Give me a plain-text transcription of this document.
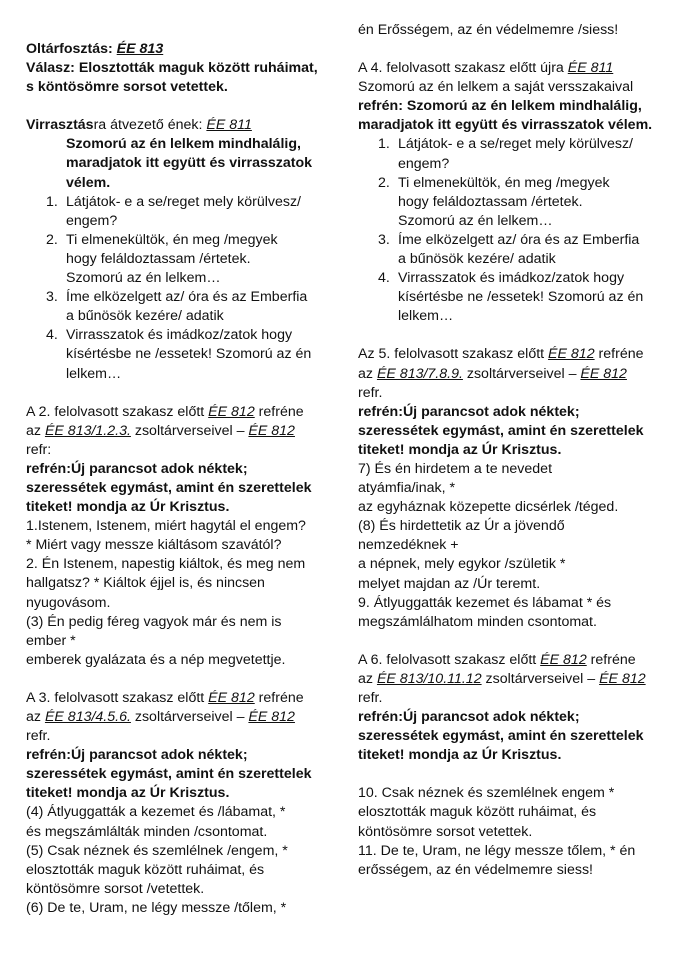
Oltárfosztás: ÉE 813

Válasz: Elosztották maguk között ruháimat,

s köntösömre sorsot vetettek.

Virrasztásra átvezető ének: ÉE 811

Szomorú az én lelkem mindhalálig,
maradjatok itt együtt és virrasszatok
vélem.
1. Látjátok- e a se/reget mely körülvesz/
engem?
2. Ti elmenekültök, én meg /megyek
hogy feláldoztassam /értetek.
Szomorú az én lelkem…
3. Íme elközelgett az/ óra és az Emberfia
a bűnösök kezére/ adatik
4. Virrasszatok és imádkoz/zatok hogy
kísértésbe ne /essetek! Szomorú az én
lelkem…

A 2. felolvasott szakasz előtt ÉE 812 refréne

az ÉE 813/1.2.3. zsoltárverseivel – ÉE 812

refr:

refrén:Új parancsot adok néktek;
szeressétek egymást, amint én szerettelek
titeket! mondja az Úr Krisztus.
1.Istenem, Istenem, miért hagytál el engem?
* Miért vagy messze kiáltásom szavától?
2. Én Istenem, napestig kiáltok, és meg nem
hallgatsz? * Kiáltok éjjel is, és nincsen
nyugovásom.
(3) Én pedig féreg vagyok már és nem is
ember *
emberek gyalázata és a nép megvetettje.

A 3. felolvasott szakasz előtt ÉE 812 refréne

az ÉE 813/4.5.6. zsoltárverseivel – ÉE 812

refr.

refrén:Új parancsot adok néktek;
szeressétek egymást, amint én szerettelek
titeket! mondja az Úr Krisztus.
(4) Átlyuggatták a kezemet és /lábamat, *
és megszámlálták minden /csontomat.
(5) Csak néznek és szemlélnek /engem, *
elosztották maguk között ruháimat, és
köntösömre sorsot /vetettek.
(6) De te, Uram, ne légy messze /tőlem, *

én Erősségem, az én védelmemre /siess!

A 4. felolvasott szakasz előtt újra ÉE 811

Szomorú az én lelkem a saját versszakaival

refrén: Szomorú az én lelkem mindhalálig,
maradjatok itt együtt és virrasszatok vélem.
1. Látjátok- e a se/reget mely körülvesz/
engem?
2. Ti elmenekültök, én meg /megyek
hogy feláldoztassam /értetek.
Szomorú az én lelkem…
3. Íme elközelgett az/ óra és az Emberfia
a bűnösök kezére/ adatik
4. Virrasszatok és imádkoz/zatok hogy
kísértésbe ne /essetek! Szomorú az én
lelkem…

Az 5. felolvasott szakasz előtt ÉE 812 refréne

az ÉE 813/7.8.9. zsoltárverseivel – ÉE 812

refr.

refrén:Új parancsot adok néktek;
szeressétek egymást, amint én szerettelek
titeket! mondja az Úr Krisztus.
7) És én hirdetem a te nevedet
atyámfia/inak, *
az egyháznak közepette dicsérlek /téged.
(8) És hirdettetik az Úr a jövendő
nemzedéknek +
a népnek, mely egykor /születik *
melyet majdan az /Úr teremt.
9. Átlyuggatták kezemet és lábamat * és
megszámlálhatom minden csontomat.

A 6. felolvasott szakasz előtt ÉE 812 refréne

az ÉE 813/10.11.12 zsoltárverseivel – ÉE 812

refr.

refrén:Új parancsot adok néktek;
szeressétek egymást, amint én szerettelek
titeket! mondja az Úr Krisztus.
10. Csak néznek és szemlélnek engem *
elosztották maguk között ruháimat, és
köntösömre sorsot vetettek.
11. De te, Uram, ne légy messze tőlem, * én
erősségem, az én védelmemre siess!
